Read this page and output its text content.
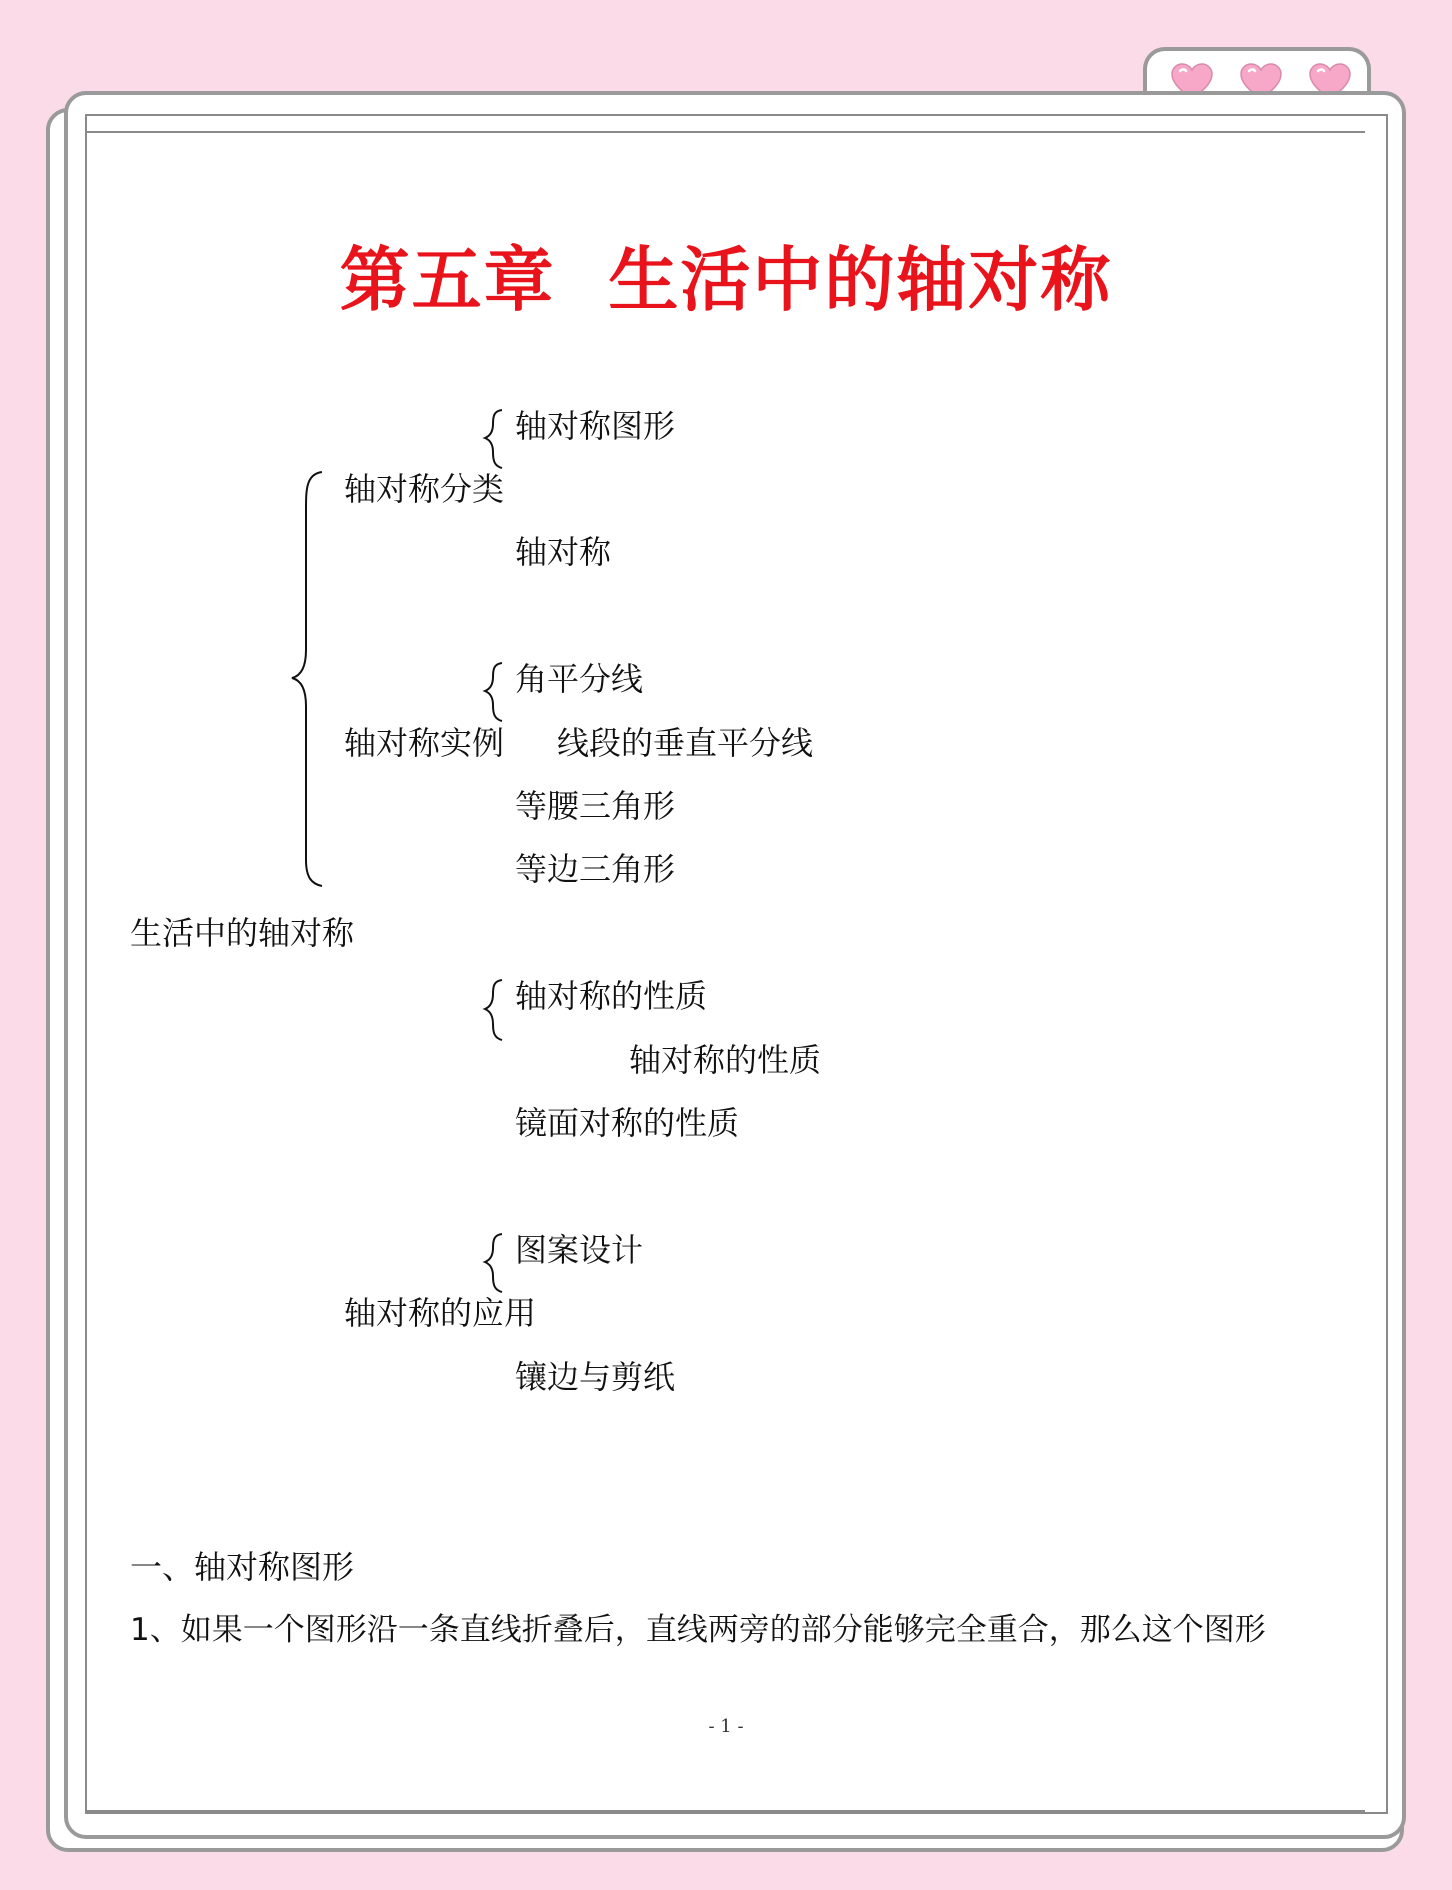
第五章  生活中的轴对称
轴对称图形
轴对称分类
轴对称
角平分线
轴对称实例 线段的垂直平分线
等腰三角形
等边三角形
生活中的轴对称
轴对称的性质
轴对称的性质
镜面对称的性质
图案设计
轴对称的应用
镶边与剪纸
一、轴对称图形
1、如果一个图形沿一条直线折叠后，直线两旁的部分能够完全重合，那么这个图形
- 1 -
